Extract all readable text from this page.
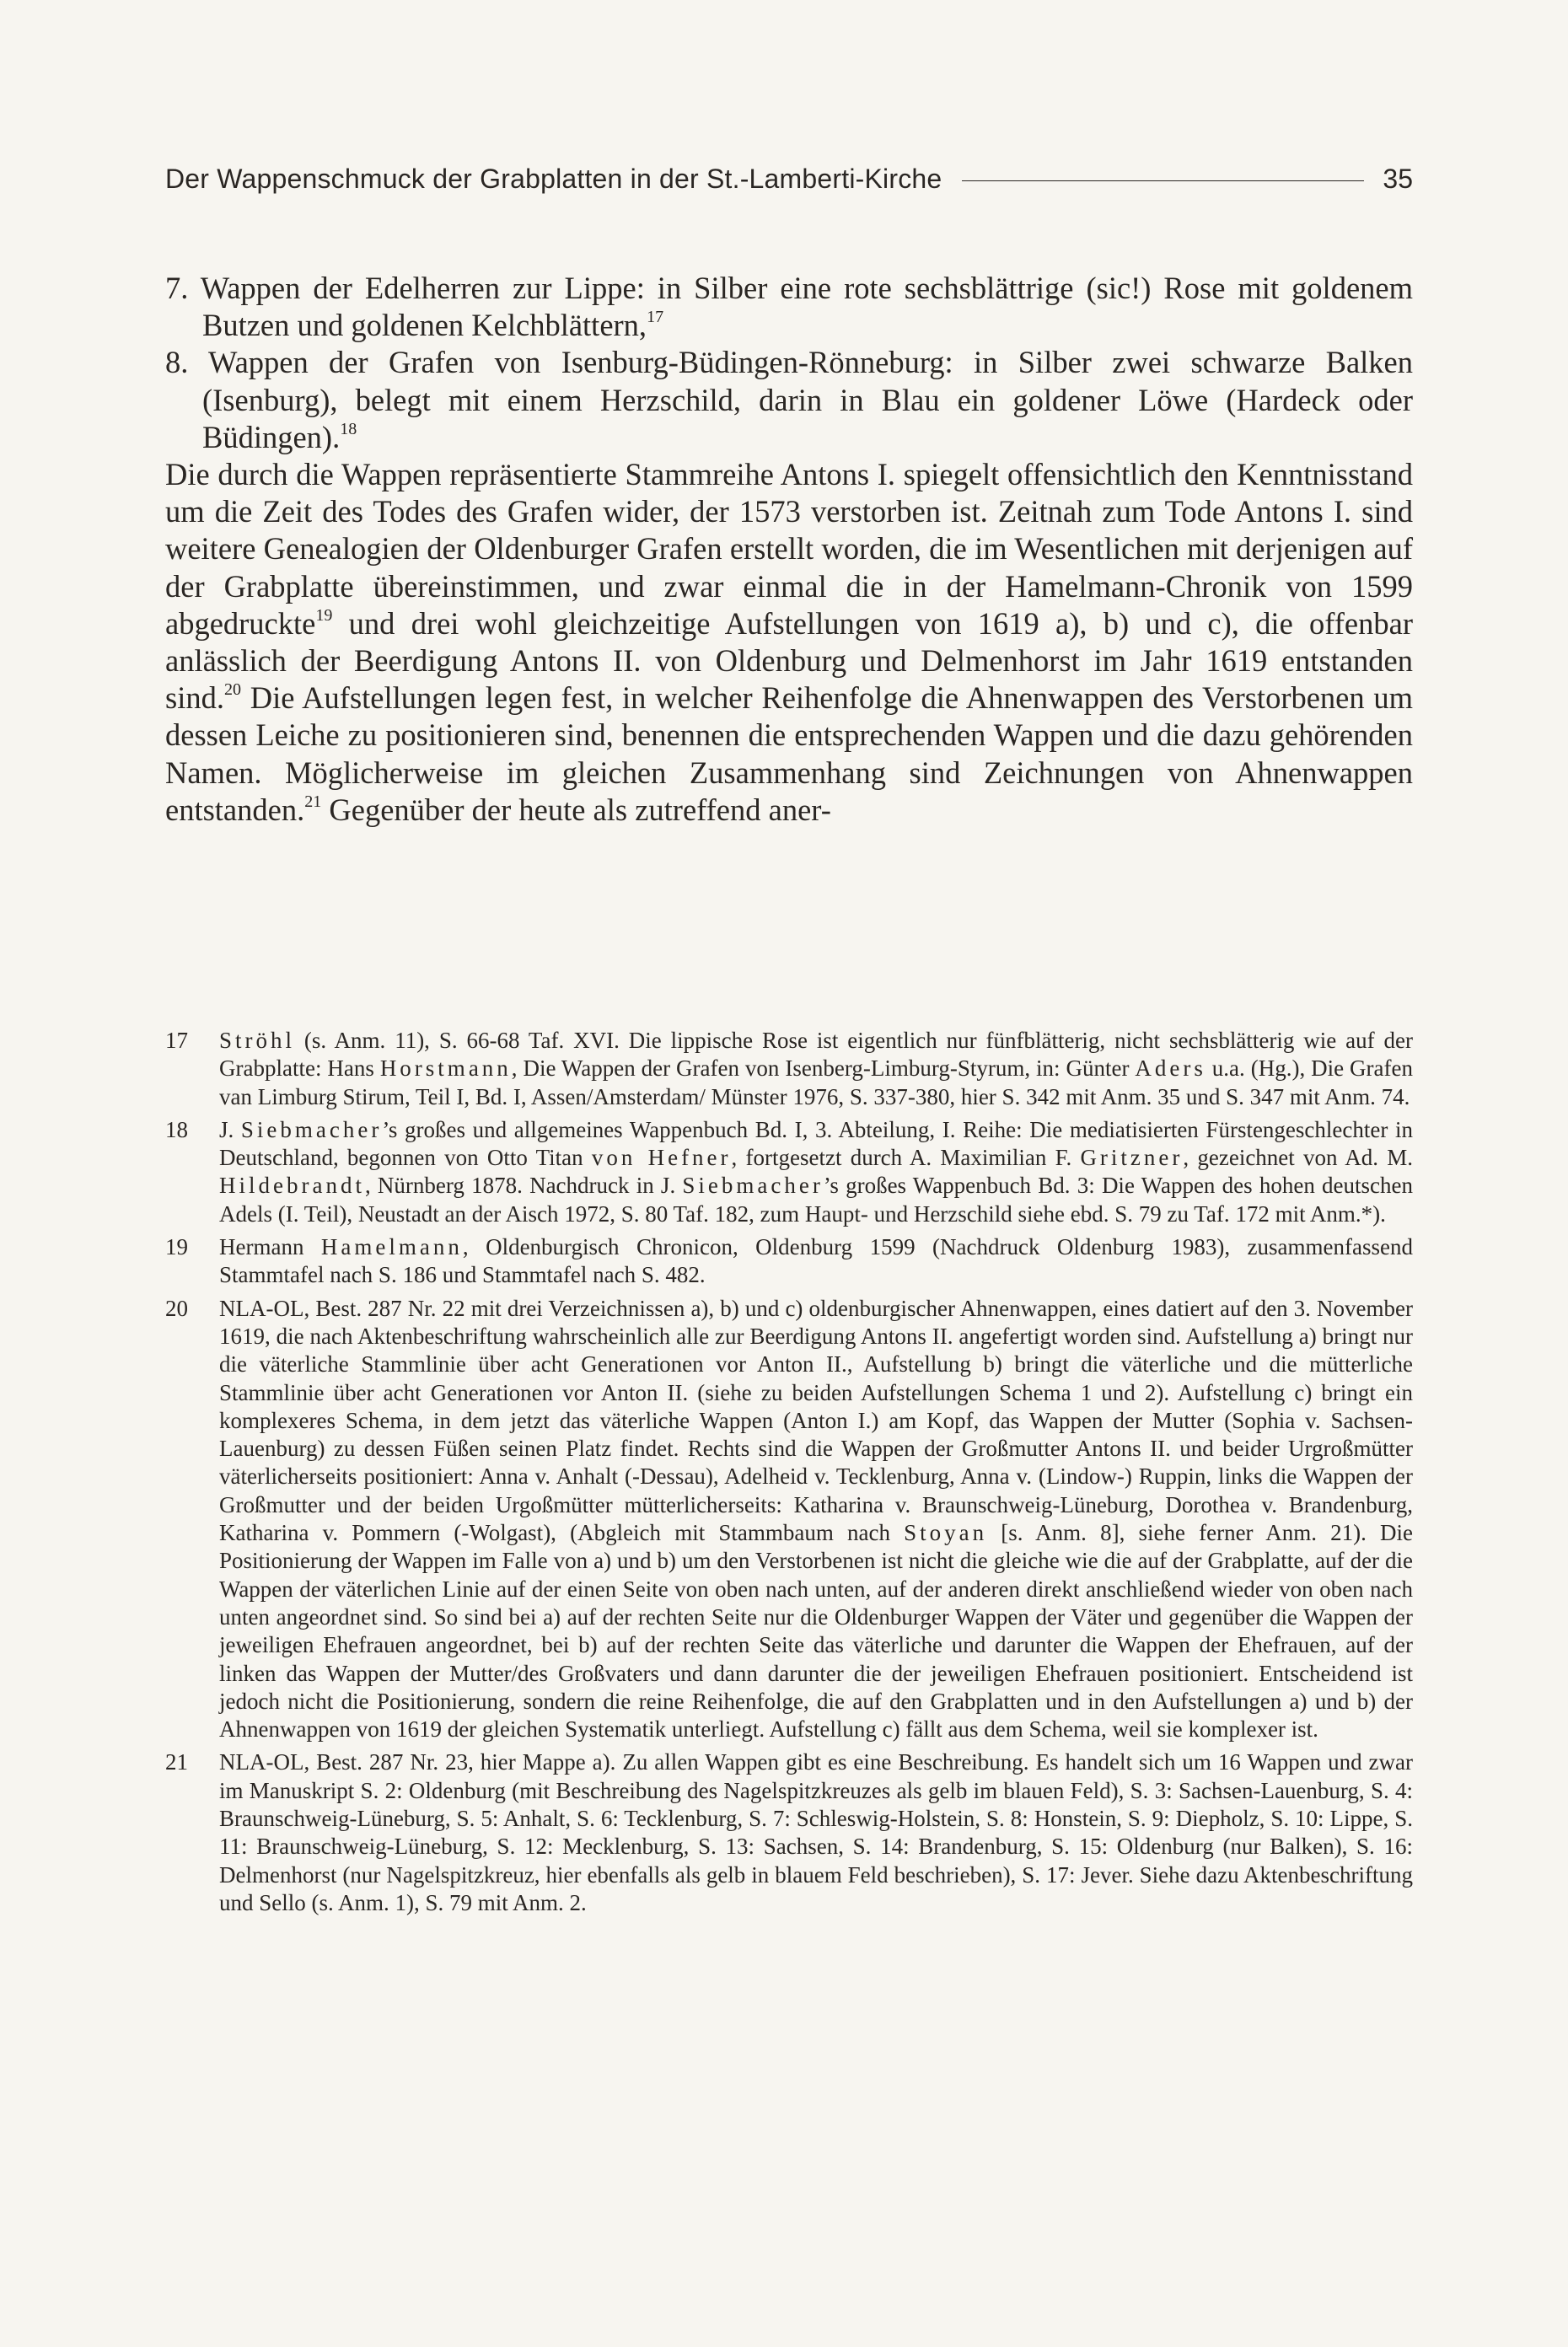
Der Wappenschmuck der Grabplatten in der St.-Lamberti-Kirche	35

7. Wappen der Edelherren zur Lippe: in Silber eine rote sechsblättrige (sic!) Rose mit goldenem Butzen und goldenen Kelchblättern,$^{17}$

8. Wappen der Grafen von Isenburg-Büdingen-Rönneburg: in Silber zwei schwarze Balken (Isenburg), belegt mit einem Herzschild, darin in Blau ein goldener Löwe (Hardeck oder Büdingen).$^{18}$

Die durch die Wappen repräsentierte Stammreihe Antons I. spiegelt offensichtlich den Kenntnisstand um die Zeit des Todes des Grafen wider, der 1573 verstorben ist. Zeitnah zum Tode Antons I. sind weitere Genealogien der Oldenburger Grafen erstellt worden, die im Wesentlichen mit derjenigen auf der Grabplatte übereinstimmen, und zwar einmal die in der Hamelmann-Chronik von 1599 abgedruckte$^{19}$ und drei wohl gleichzeitige Aufstellungen von 1619 a), b) und c), die offenbar anlässlich der Beerdigung Antons II. von Oldenburg und Delmenhorst im Jahr 1619 entstanden sind.$^{20}$ Die Aufstellungen legen fest, in welcher Reihenfolge die Ahnenwappen des Verstorbenen um dessen Leiche zu positionieren sind, benennen die entsprechenden Wappen und die dazu gehörenden Namen. Möglicherweise im gleichen Zusammenhang sind Zeichnungen von Ahnenwappen entstanden.$^{21}$ Gegenüber der heute als zutreffend aner-

17	Ströhl (s. Anm. 11), S. 66-68 Taf. XVI. Die lippische Rose ist eigentlich nur fünfblätterig, nicht sechsblätterig wie auf der Grabplatte: Hans Horstmann, Die Wappen der Grafen von Isenberg-Limburg-Styrum, in: Günter Aders u.a. (Hg.), Die Grafen van Limburg Stirum, Teil I, Bd. I, Assen/Amsterdam/ Münster 1976, S. 337-380, hier S. 342 mit Anm. 35 und S. 347 mit Anm. 74.
18	J. Siebmacher’s großes und allgemeines Wappenbuch Bd. I, 3. Abteilung, I. Reihe: Die mediatisierten Fürstengeschlechter in Deutschland, begonnen von Otto Titan von Hefner, fortgesetzt durch A. Maximilian F. Gritzner, gezeichnet von Ad. M. Hildebrandt, Nürnberg 1878. Nachdruck in J. Siebmacher’s großes Wappenbuch Bd. 3: Die Wappen des hohen deutschen Adels (I. Teil), Neustadt an der Aisch 1972, S. 80 Taf. 182, zum Haupt- und Herzschild siehe ebd. S. 79 zu Taf. 172 mit Anm.*).
19	Hermann Hamelmann, Oldenburgisch Chronicon, Oldenburg 1599 (Nachdruck Oldenburg 1983), zusammenfassend Stammtafel nach S. 186 und Stammtafel nach S. 482.
20	NLA-OL, Best. 287 Nr. 22 mit drei Verzeichnissen a), b) und c) oldenburgischer Ahnenwappen, eines datiert auf den 3. November 1619, die nach Aktenbeschriftung wahrscheinlich alle zur Beerdigung Antons II. angefertigt worden sind. Aufstellung a) bringt nur die väterliche Stammlinie über acht Generationen vor Anton II., Aufstellung b) bringt die väterliche und die mütterliche Stammlinie über acht Generationen vor Anton II. (siehe zu beiden Aufstellungen Schema 1 und 2). Aufstellung c) bringt ein komplexeres Schema, in dem jetzt das väterliche Wappen (Anton I.) am Kopf, das Wappen der Mutter (Sophia v. Sachsen-Lauenburg) zu dessen Füßen seinen Platz findet. Rechts sind die Wappen der Großmutter Antons II. und beider Urgroßmütter väterlicherseits positioniert: Anna v. Anhalt (-Dessau), Adelheid v. Tecklenburg, Anna v. (Lindow-) Ruppin, links die Wappen der Großmutter und der beiden Urgoßmütter mütterlicherseits: Katharina v. Braunschweig-Lüneburg, Dorothea v. Brandenburg, Katharina v. Pommern (-Wolgast), (Abgleich mit Stammbaum nach Stoyan [s. Anm. 8], siehe ferner Anm. 21). Die Positionierung der Wappen im Falle von a) und b) um den Verstorbenen ist nicht die gleiche wie die auf der Grabplatte, auf der die Wappen der väterlichen Linie auf der einen Seite von oben nach unten, auf der anderen direkt anschließend wieder von oben nach unten angeordnet sind. So sind bei a) auf der rechten Seite nur die Oldenburger Wappen der Väter und gegenüber die Wappen der jeweiligen Ehefrauen angeordnet, bei b) auf der rechten Seite das väterliche und darunter die Wappen der Ehefrauen, auf der linken das Wappen der Mutter/des Großvaters und dann darunter die der jeweiligen Ehefrauen positioniert. Entscheidend ist jedoch nicht die Positionierung, sondern die reine Reihenfolge, die auf den Grabplatten und in den Aufstellungen a) und b) der Ahnenwappen von 1619 der gleichen Systematik unterliegt. Aufstellung c) fällt aus dem Schema, weil sie komplexer ist.
21	NLA-OL, Best. 287 Nr. 23, hier Mappe a). Zu allen Wappen gibt es eine Beschreibung. Es handelt sich um 16 Wappen und zwar im Manuskript S. 2: Oldenburg (mit Beschreibung des Nagelspitzkreuzes als gelb im blauen Feld), S. 3: Sachsen-Lauenburg, S. 4: Braunschweig-Lüneburg, S. 5: Anhalt, S. 6: Tecklenburg, S. 7: Schleswig-Holstein, S. 8: Honstein, S. 9: Diepholz, S. 10: Lippe, S. 11: Braunschweig-Lüneburg, S. 12: Mecklenburg, S. 13: Sachsen, S. 14: Brandenburg, S. 15: Oldenburg (nur Balken), S. 16: Delmenhorst (nur Nagelspitzkreuz, hier ebenfalls als gelb in blauem Feld beschrieben), S. 17: Jever. Siehe dazu Aktenbeschriftung und Sello (s. Anm. 1), S. 79 mit Anm. 2.
